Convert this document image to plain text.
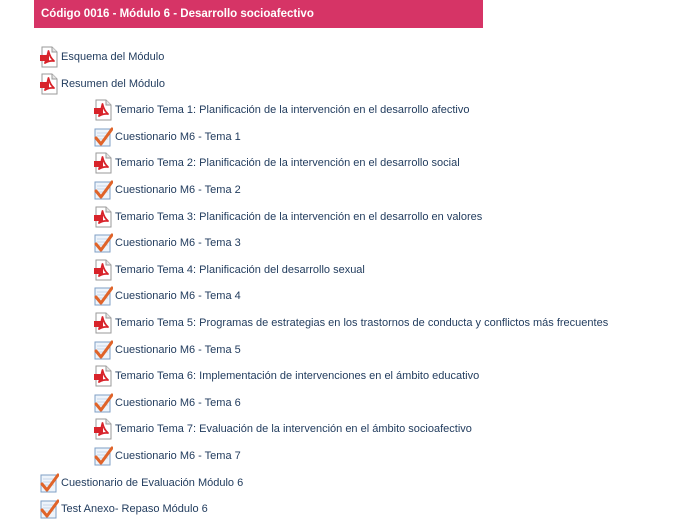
Código 0016 - Módulo 6 - Desarrollo socioafectivo
Esquema del Módulo
Resumen del Módulo
Temario Tema 1: Planificación de la intervención en el desarrollo afectivo
Cuestionario M6 - Tema 1
Temario Tema 2: Planificación de la intervención en el desarrollo social
Cuestionario M6 - Tema 2
Temario Tema 3: Planificación de la intervención en el desarrollo en valores
Cuestionario M6 - Tema 3
Temario Tema 4: Planificación del desarrollo sexual
Cuestionario M6 - Tema 4
Temario Tema 5: Programas de estrategias en los trastornos de conducta y conflictos más frecuentes
Cuestionario M6 - Tema 5
Temario Tema 6: Implementación de intervenciones en el ámbito educativo
Cuestionario M6 - Tema 6
Temario Tema 7: Evaluación de la intervención en el ámbito socioafectivo
Cuestionario M6 - Tema 7
Cuestionario de Evaluación Módulo 6
Test Anexo- Repaso Módulo 6
